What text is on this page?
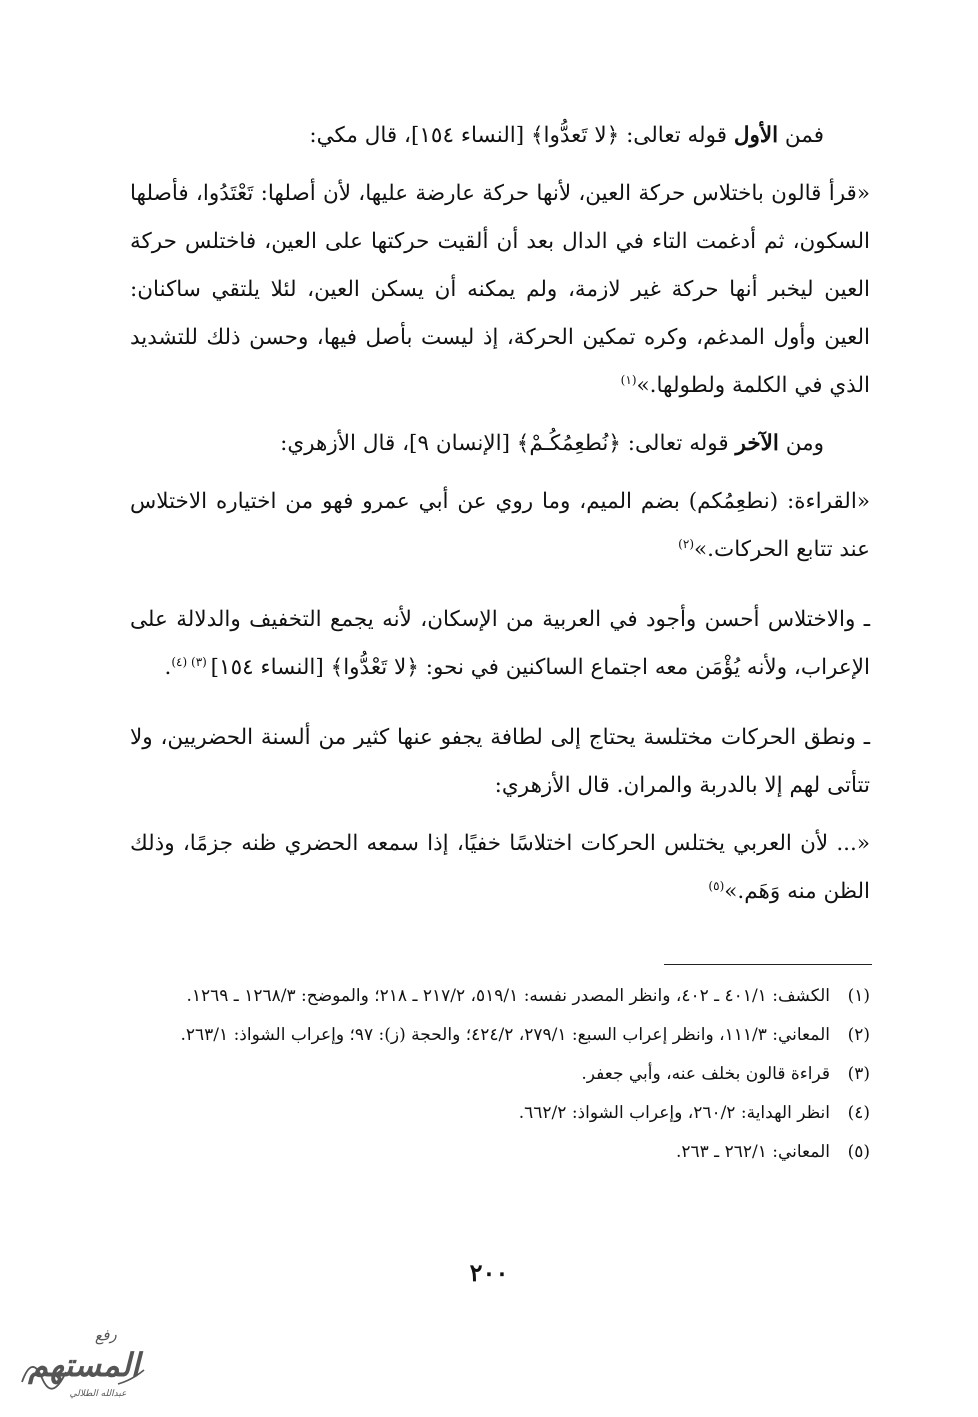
فمن الأول قوله تعالى: ﴿لا تَعدُّوا﴾ [النساء ١٥٤]، قال مكي:

«قرأ قالون باختلاس حركة العين، لأنها حركة عارضة عليها، لأن أصلها: تَعْتَدُوا، فأصلها السكون، ثم أدغمت التاء في الدال بعد أن ألقيت حركتها على العين، فاختلس حركة العين ليخبر أنها حركة غير لازمة، ولم يمكنه أن يسكن العين، لئلا يلتقي ساكنان: العين وأول المدغم، وكره تمكين الحركة، إذ ليست بأصل فيها، وحسن ذلك للتشديد الذي في الكلمة ولطولها.»$^{(١)}$

ومن الآخر قوله تعالى: ﴿نُطعِمُكُـمْ﴾ [الإنسان ٩]، قال الأزهري:

«القراءة: (نطعِمُكم) بضم الميم، وما روي عن أبي عمرو فهو من اختياره الاختلاس عند تتابع الحركات.»$^{(٢)}$

ـ والاختلاس أحسن وأجود في العربية من الإسكان، لأنه يجمع التخفيف والدلالة على الإعراب، ولأنه يُؤْمَن معه اجتماع الساكنين في نحو: ﴿لا تَعْدُّوا﴾ [النساء ١٥٤] $^{(٣) (٤)}$.

ـ ونطق الحركات مختلسة يحتاج إلى لطافة يجفو عنها كثير من ألسنة الحضريين، ولا تتأتى لهم إلا بالدربة والمران. قال الأزهري:

«... لأن العربي يختلس الحركات اختلاسًا خفيًا، إذا سمعه الحضري ظنه جزمًا، وذلك الظن منه وَهَم.»$^{(٥)}$

(١)
الكشف: ٤٠١/١ ـ ٤٠٢، وانظر المصدر نفسه: ٥١٩/١، ٢١٧/٢ ـ ٢١٨؛ والموضح: ١٢٦٨/٣ ـ ١٢٦٩.
(٢)
المعاني: ١١١/٣، وانظر إعراب السبع: ٢٧٩/١، ٤٢٤/٢؛ والحجة (ز): ٩٧؛ وإعراب الشواذ: ٢٦٣/١.
(٣)
قراءة قالون بخلف عنه، وأبي جعفر.
(٤)
انظر الهداية: ٢٦٠/٢، وإعراب الشواذ: ٦٦٢/٢.
(٥)
المعاني: ٢٦٢/١ ـ ٢٦٣.
٢٠٠
رفع
المستهم
عبدالله الطلالي
